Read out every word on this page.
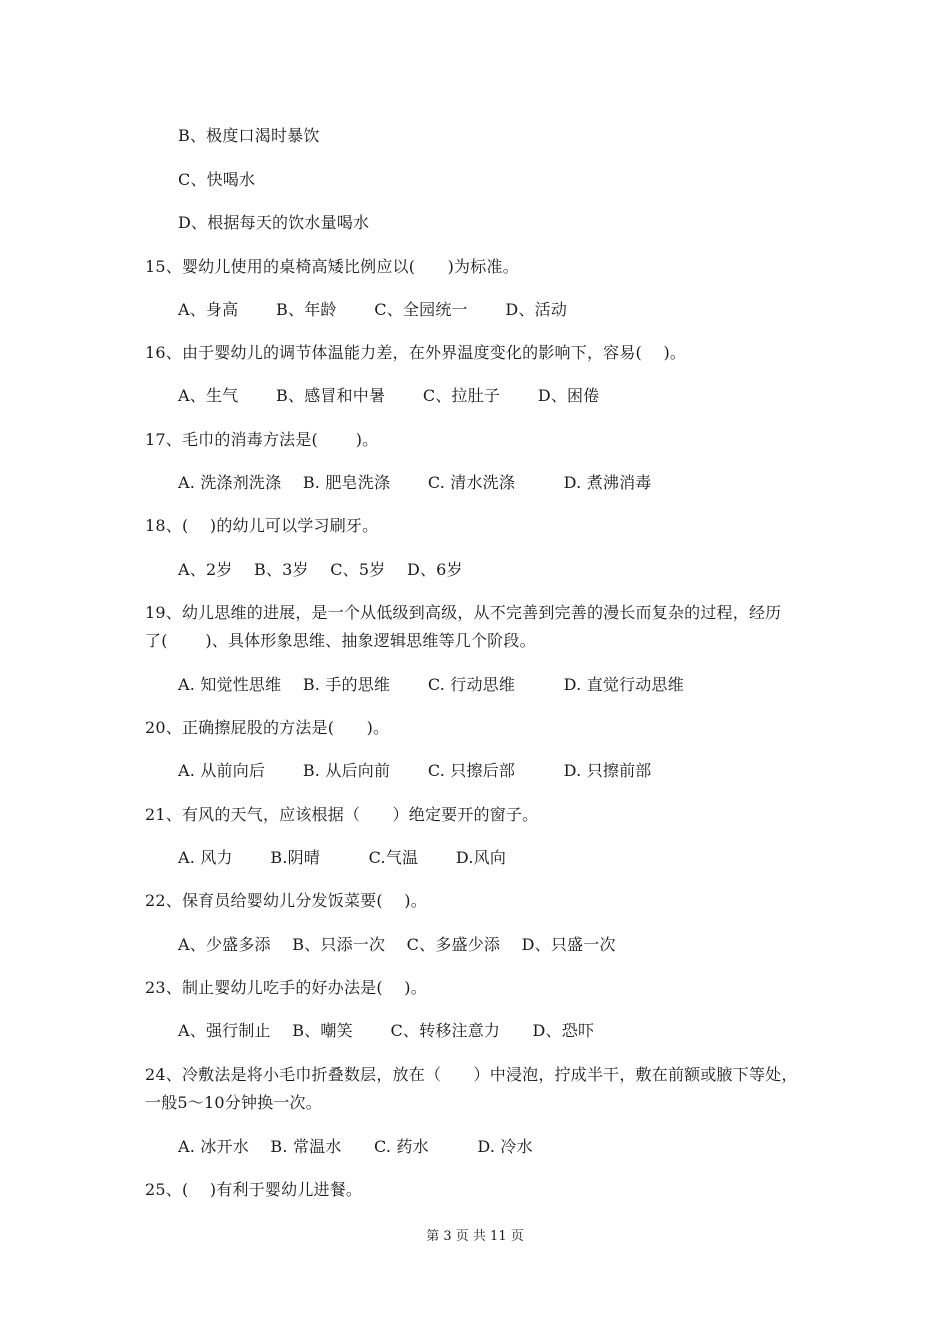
B、极度口渴时暴饮
C、快喝水
D、根据每天的饮水量喝水
15、婴幼儿使用的桌椅高矮比例应以(　　)为标准。
A、身高　　 B、年龄　　 C、全园统一　　 D、活动
16、由于婴幼儿的调节体温能力差，在外界温度变化的影响下，容易(　 )。
A、生气　　 B、感冒和中暑　　 C、拉肚子　　 D、困倦
17、毛巾的消毒方法是(　　 )。
A. 洗涤剂洗涤　 B. 肥皂洗涤　　 C. 清水洗涤　　　D. 煮沸消毒
18、(　 )的幼儿可以学习刷牙。
A、2岁　 B、3岁　 C、5岁　 D、6岁
19、幼儿思维的进展，是一个从低级到高级，从不完善到完善的漫长而复杂的过程，经历
了(　　 )、具体形象思维、抽象逻辑思维等几个阶段。
A. 知觉性思维　 B. 手的思维　　 C. 行动思维　　　D. 直觉行动思维
20、正确擦屁股的方法是(　　)。
A. 从前向后　　 B. 从后向前　　 C. 只擦后部　　　D. 只擦前部
21、有风的天气，应该根据（　　）绝定要开的窗子。
A. 风力　　 B.阴晴　　　C.气温　　 D.风向
22、保育员给婴幼儿分发饭菜要(　 )。
A、少盛多添　 B、只添一次　 C、多盛少添　 D、只盛一次
23、制止婴幼儿吃手的好办法是(　 )。
A、强行制止　 B、嘲笑　　 C、转移注意力　　D、恐吓
24、冷敷法是将小毛巾折叠数层，放在（　　）中浸泡，拧成半干，敷在前额或腋下等处，
一般5～10分钟换一次。
A. 冰开水　 B. 常温水　　C. 药水　　　D. 冷水
25、(　 )有利于婴幼儿进餐。
第 3 页 共 11 页
